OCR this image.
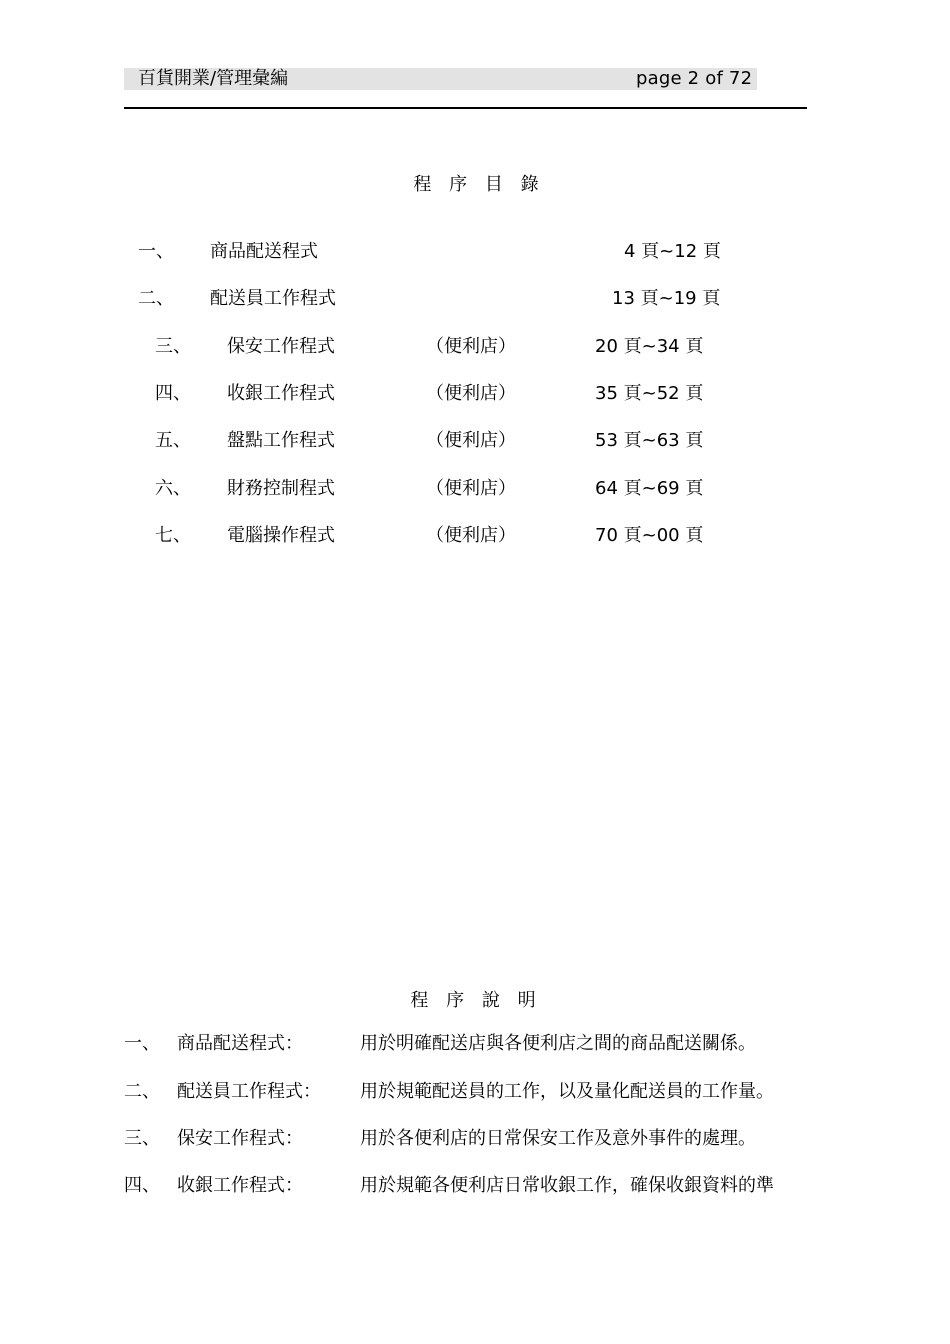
百貨開業/管理彙編	page 2 of 72
程 序 目 錄
一、 商品配送程式	4 頁~12 頁
二、 配送員工作程式	13 頁~19 頁
三、 保安工作程式	（便利店）	20 頁~34 頁
四、 收銀工作程式	（便利店）	35 頁~52 頁
五、 盤點工作程式	（便利店）	53 頁~63 頁
六、 財務控制程式	（便利店）	64 頁~69 頁
七、 電腦操作程式	（便利店）	70 頁~00 頁
程 序 說 明
一、 商品配送程式：	用於明確配送店與各便利店之間的商品配送關係。
二、 配送員工作程式： 用於規範配送員的工作，以及量化配送員的工作量。
三、 保安工作程式：	用於各便利店的日常保安工作及意外事件的處理。
四、 收銀工作程式：	用於規範各便利店日常收銀工作，確保收銀資料的準
